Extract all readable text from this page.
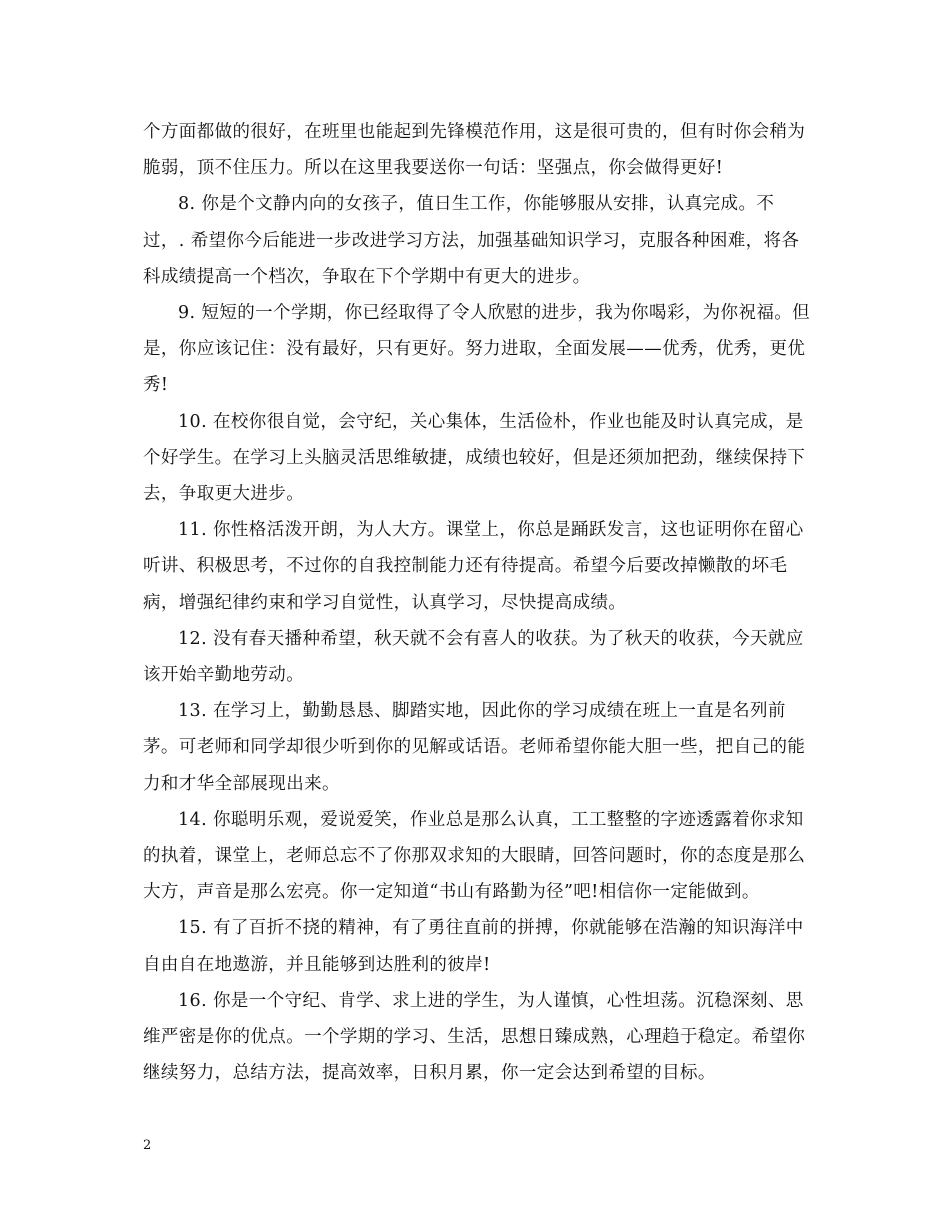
个方面都做的很好，在班里也能起到先锋模范作用，这是很可贵的，但有时你会稍为脆弱，顶不住压力。所以在这里我要送你一句话：坚强点，你会做得更好!

8. 你是个文静内向的女孩子，值日生工作，你能够服从安排，认真完成。不过，. 希望你今后能进一步改进学习方法，加强基础知识学习，克服各种困难，将各科成绩提高一个档次，争取在下个学期中有更大的进步。

9. 短短的一个学期，你已经取得了令人欣慰的进步，我为你喝彩，为你祝福。但是，你应该记住：没有最好，只有更好。努力进取，全面发展——优秀，优秀，更优秀!

10. 在校你很自觉，会守纪，关心集体，生活俭朴，作业也能及时认真完成，是个好学生。在学习上头脑灵活思维敏捷，成绩也较好，但是还须加把劲，继续保持下去，争取更大进步。

11. 你性格活泼开朗，为人大方。课堂上，你总是踊跃发言，这也证明你在留心听讲、积极思考，不过你的自我控制能力还有待提高。希望今后要改掉懒散的坏毛病，增强纪律约束和学习自觉性，认真学习，尽快提高成绩。

12. 没有春天播种希望，秋天就不会有喜人的收获。为了秋天的收获，今天就应该开始辛勤地劳动。

13. 在学习上，勤勤恳恳、脚踏实地，因此你的学习成绩在班上一直是名列前茅。可老师和同学却很少听到你的见解或话语。老师希望你能大胆一些，把自己的能力和才华全部展现出来。

14. 你聪明乐观，爱说爱笑，作业总是那么认真，工工整整的字迹透露着你求知的执着，课堂上，老师总忘不了你那双求知的大眼睛，回答问题时，你的态度是那么大方，声音是那么宏亮。你一定知道“书山有路勤为径”吧!相信你一定能做到。

15. 有了百折不挠的精神，有了勇往直前的拼搏，你就能够在浩瀚的知识海洋中自由自在地遨游，并且能够到达胜利的彼岸!

16. 你是一个守纪、肯学、求上进的学生，为人谨慎，心性坦荡。沉稳深刻、思维严密是你的优点。一个学期的学习、生活，思想日臻成熟，心理趋于稳定。希望你继续努力，总结方法，提高效率，日积月累，你一定会达到希望的目标。

2
